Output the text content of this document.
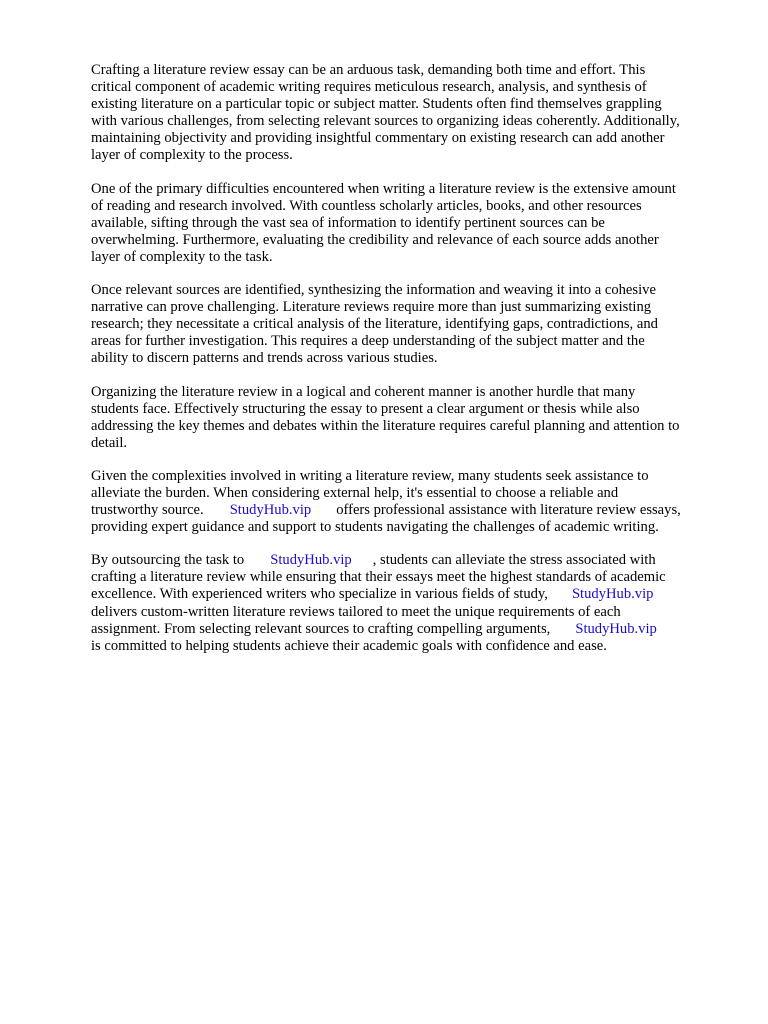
Crafting a literature review essay can be an arduous task, demanding both time and effort. This
critical component of academic writing requires meticulous research, analysis, and synthesis of
existing literature on a particular topic or subject matter. Students often find themselves grappling
with various challenges, from selecting relevant sources to organizing ideas coherently. Additionally,
maintaining objectivity and providing insightful commentary on existing research can add another
layer of complexity to the process.

One of the primary difficulties encountered when writing a literature review is the extensive amount
of reading and research involved. With countless scholarly articles, books, and other resources
available, sifting through the vast sea of information to identify pertinent sources can be
overwhelming. Furthermore, evaluating the credibility and relevance of each source adds another
layer of complexity to the task.

Once relevant sources are identified, synthesizing the information and weaving it into a cohesive
narrative can prove challenging. Literature reviews require more than just summarizing existing
research; they necessitate a critical analysis of the literature, identifying gaps, contradictions, and
areas for further investigation. This requires a deep understanding of the subject matter and the
ability to discern patterns and trends across various studies.

Organizing the literature review in a logical and coherent manner is another hurdle that many
students face. Effectively structuring the essay to present a clear argument or thesis while also
addressing the key themes and debates within the literature requires careful planning and attention to
detail.

Given the complexities involved in writing a literature review, many students seek assistance to
alleviate the burden. When considering external help, it's essential to choose a reliable and
trustworthy source. StudyHub.vip offers professional assistance with literature review essays,
providing expert guidance and support to students navigating the challenges of academic writing.

By outsourcing the task to StudyHub.vip , students can alleviate the stress associated with
crafting a literature review while ensuring that their essays meet the highest standards of academic
excellence. With experienced writers who specialize in various fields of study, StudyHub.vip
delivers custom-written literature reviews tailored to meet the unique requirements of each
assignment. From selecting relevant sources to crafting compelling arguments, StudyHub.vip
is committed to helping students achieve their academic goals with confidence and ease.
